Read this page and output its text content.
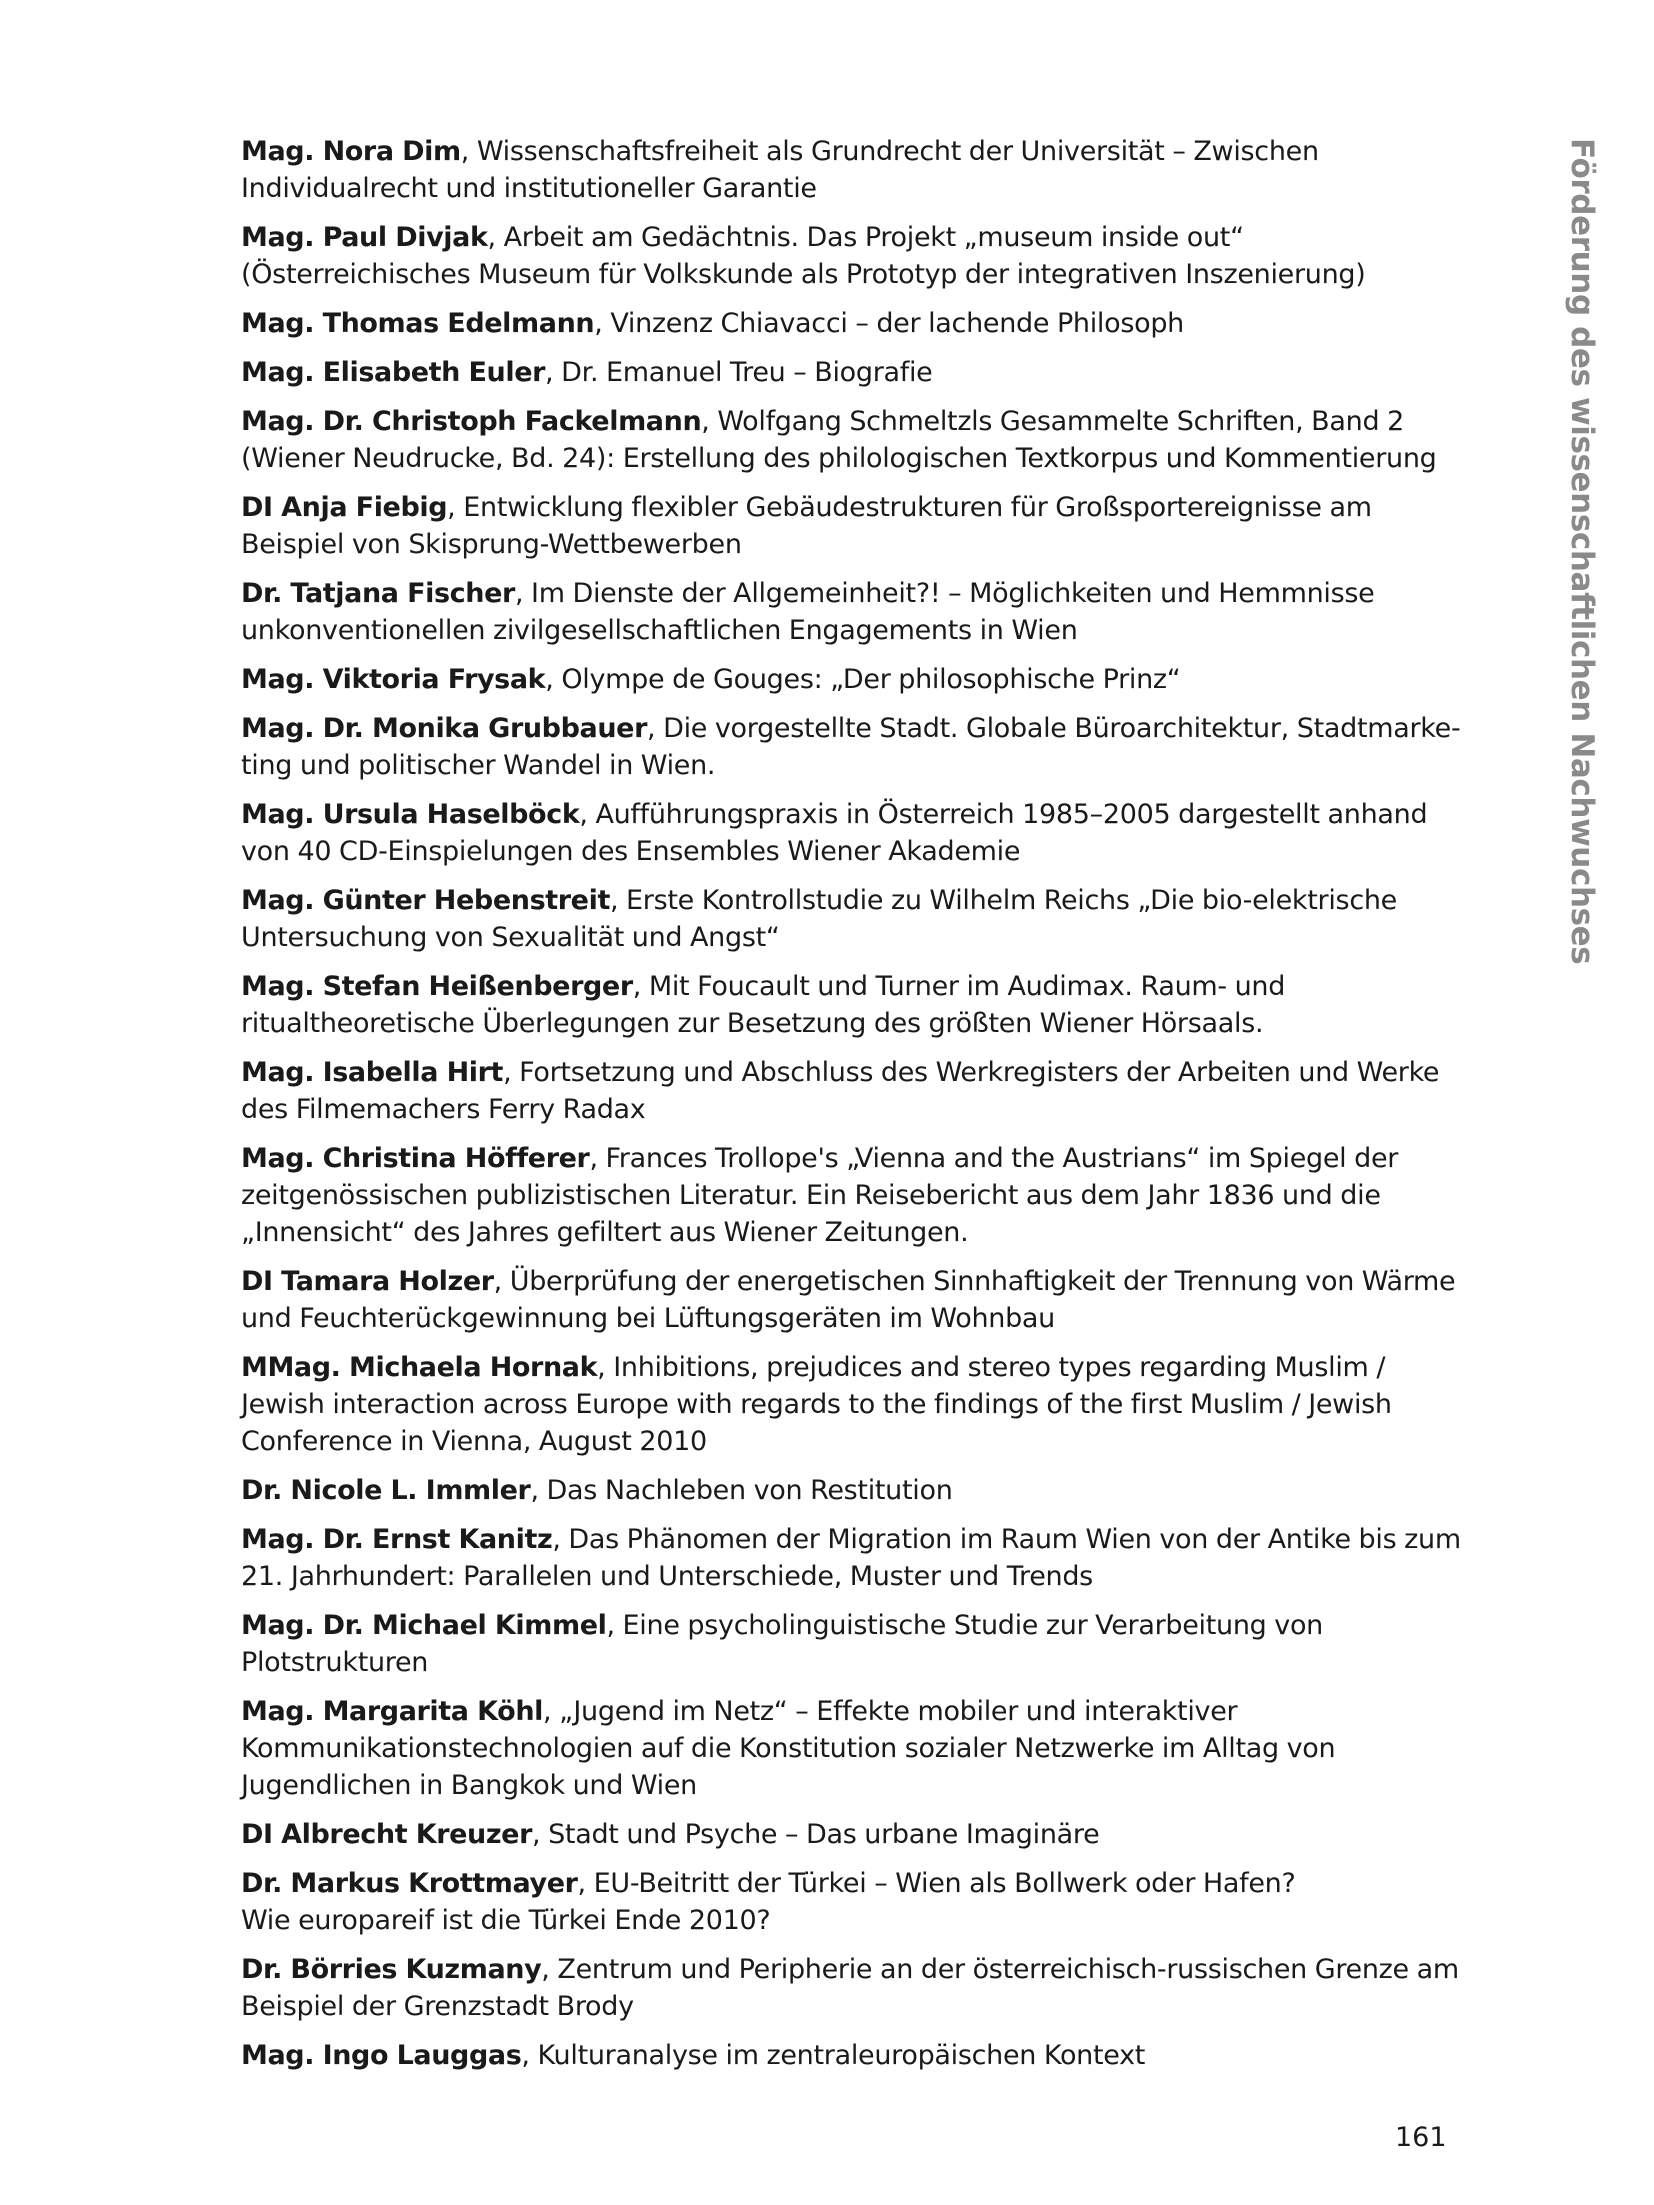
Mag. Nora Dim, Wissenschaftsfreiheit als Grundrecht der Universität – Zwischen Individualrecht und institutioneller Garantie

Mag. Paul Divjak, Arbeit am Gedächtnis. Das Projekt „museum inside out“ (Österreichisches Museum für Volkskunde als Prototyp der integrativen Inszenierung)

Mag. Thomas Edelmann, Vinzenz Chiavacci – der lachende Philosoph

Mag. Elisabeth Euler, Dr. Emanuel Treu – Biografie

Mag. Dr. Christoph Fackelmann, Wolfgang Schmeltzls Gesammelte Schriften, Band 2 (Wiener Neudrucke, Bd. 24): Erstellung des philologischen Textkorpus und Kommentierung

DI Anja Fiebig, Entwicklung flexibler Gebäudestrukturen für Großsportereignisse am Beispiel von Skisprung-Wettbewerben

Dr. Tatjana Fischer, Im Dienste der Allgemeinheit?! – Möglichkeiten und Hemmnisse unkonventionellen zivilgesellschaftlichen Engagements in Wien

Mag. Viktoria Frysak, Olympe de Gouges: „Der philosophische Prinz“

Mag. Dr. Monika Grubbauer, Die vorgestellte Stadt. Globale Büroarchitektur, Stadtmarketing und politischer Wandel in Wien.

Mag. Ursula Haselböck, Aufführungspraxis in Österreich 1985–2005 dargestellt anhand von 40 CD-Einspielungen des Ensembles Wiener Akademie

Mag. Günter Hebenstreit, Erste Kontrollstudie zu Wilhelm Reichs „Die bio-elektrische Untersuchung von Sexualität und Angst“

Mag. Stefan Heißenberger, Mit Foucault und Turner im Audimax. Raum- und ritualtheoretische Überlegungen zur Besetzung des größten Wiener Hörsaals.

Mag. Isabella Hirt, Fortsetzung und Abschluss des Werkregisters der Arbeiten und Werke des Filmemachers Ferry Radax

Mag. Christina Höfferer, Frances Trollope's „Vienna and the Austrians“ im Spiegel der zeitgenössischen publizistischen Literatur. Ein Reisebericht aus dem Jahr 1836 und die „Innensicht“ des Jahres gefiltert aus Wiener Zeitungen.

DI Tamara Holzer, Überprüfung der energetischen Sinnhaftigkeit der Trennung von Wärme und Feuchterückgewinnung bei Lüftungsgeräten im Wohnbau

MMag. Michaela Hornak, Inhibitions, prejudices and stereo types regarding Muslim / Jewish interaction across Europe with regards to the findings of the first Muslim / Jewish Conference in Vienna, August 2010

Dr. Nicole L. Immler, Das Nachleben von Restitution

Mag. Dr. Ernst Kanitz, Das Phänomen der Migration im Raum Wien von der Antike bis zum 21. Jahrhundert: Parallelen und Unterschiede, Muster und Trends

Mag. Dr. Michael Kimmel, Eine psycholinguistische Studie zur Verarbeitung von Plotstrukturen

Mag. Margarita Köhl, „Jugend im Netz“ – Effekte mobiler und interaktiver Kommunikationstechnologien auf die Konstitution sozialer Netzwerke im Alltag von Jugendlichen in Bangkok und Wien

DI Albrecht Kreuzer, Stadt und Psyche – Das urbane Imaginäre

Dr. Markus Krottmayer, EU-Beitritt der Türkei – Wien als Bollwerk oder Hafen?
Wie europareif ist die Türkei Ende 2010?

Dr. Börries Kuzmany, Zentrum und Peripherie an der österreichisch-russischen Grenze am Beispiel der Grenzstadt Brody

Mag. Ingo Lauggas, Kulturanalyse im zentraleuropäischen Kontext

Förderung des wissenschaftlichen Nachwuchses
161
